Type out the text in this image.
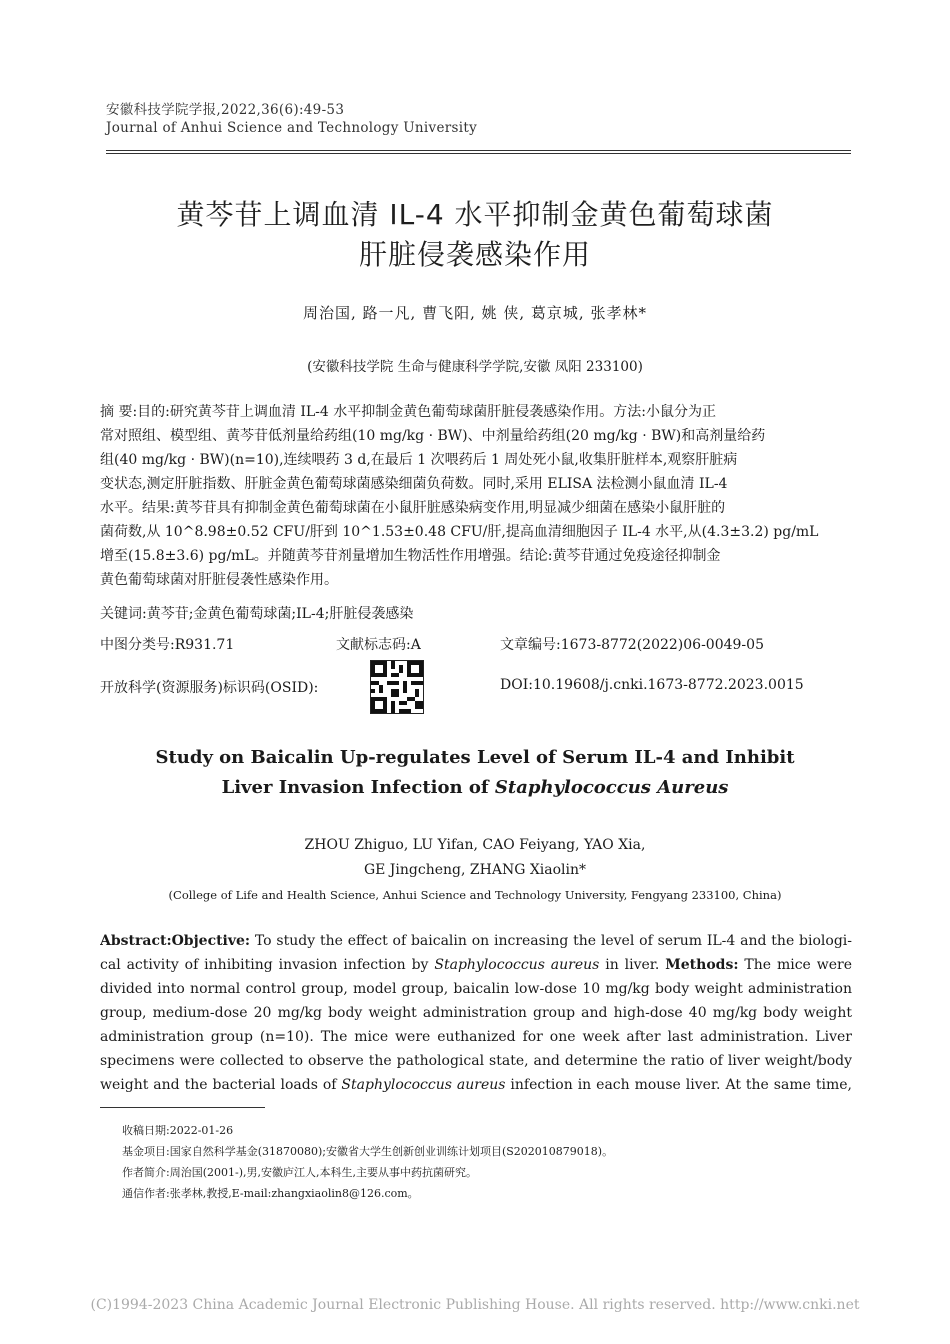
安徽科技学院学报,2022,36(6):49-53
Journal of Anhui Science and Technology University
黄芩苷上调血清 IL-4 水平抑制金黄色葡萄球菌
肝脏侵袭感染作用
周治国, 路一凡, 曹飞阳, 姚 侠, 葛京城, 张孝林*
(安徽科技学院 生命与健康科学学院,安徽 凤阳 233100)
摘 要:目的:研究黄芩苷上调血清 IL-4 水平抑制金黄色葡萄球菌肝脏侵袭感染作用。方法:小鼠分为正
常对照组、模型组、黄芩苷低剂量给药组(10 mg/kg · BW)、中剂量给药组(20 mg/kg · BW)和高剂量给药
组(40 mg/kg · BW)(n=10),连续喂药 3 d,在最后 1 次喂药后 1 周处死小鼠,收集肝脏样本,观察肝脏病
变状态,测定肝脏指数、肝脏金黄色葡萄球菌感染细菌负荷数。同时,采用 ELISA 法检测小鼠血清 IL-4
水平。结果:黄芩苷具有抑制金黄色葡萄球菌在小鼠肝脏感染病变作用,明显减少细菌在感染小鼠肝脏的
菌荷数,从 10^8.98±0.52 CFU/肝到 10^1.53±0.48 CFU/肝,提高血清细胞因子 IL-4 水平,从(4.3±3.2) pg/mL
增至(15.8±3.6) pg/mL。并随黄芩苷剂量增加生物活性作用增强。结论:黄芩苷通过免疫途径抑制金
黄色葡萄球菌对肝脏侵袭性感染作用。
关键词:黄芩苷;金黄色葡萄球菌;IL-4;肝脏侵袭感染
中图分类号:R931.71	文献标志码:A	文章编号:1673-8772(2022)06-0049-05
开放科学(资源服务)标识码(OSID):	DOI:10.19608/j.cnki.1673-8772.2023.0015
Study on Baicalin Up-regulates Level of Serum IL-4 and Inhibit
Liver Invasion Infection of Staphylococcus Aureus
ZHOU Zhiguo, LU Yifan, CAO Feiyang, YAO Xia,
GE Jingcheng, ZHANG Xiaolin*
(College of Life and Health Science, Anhui Science and Technology University, Fengyang 233100, China)
Abstract:Objective: To study the effect of baicalin on increasing the level of serum IL-4 and the biologi-
cal activity of inhibiting invasion infection by Staphylococcus aureus in liver. Methods: The mice were
divided into normal control group, model group, baicalin low-dose 10 mg/kg body weight administration
group, medium-dose 20 mg/kg body weight administration group and high-dose 40 mg/kg body weight
administration group (n=10). The mice were euthanized for one week after last administration. Liver
specimens were collected to observe the pathological state, and determine the ratio of liver weight/body
weight and the bacterial loads of Staphylococcus aureus infection in each mouse liver. At the same time,
收稿日期:2022-01-26
基金项目:国家自然科学基金(31870080);安徽省大学生创新创业训练计划项目(S202010879018)。
作者简介:周治国(2001-),男,安徽庐江人,本科生,主要从事中药抗菌研究。
通信作者:张孝林,教授,E-mail:zhangxiaolin8@126.com。
(C)1994-2023 China Academic Journal Electronic Publishing House. All rights reserved. http://www.cnki.net
